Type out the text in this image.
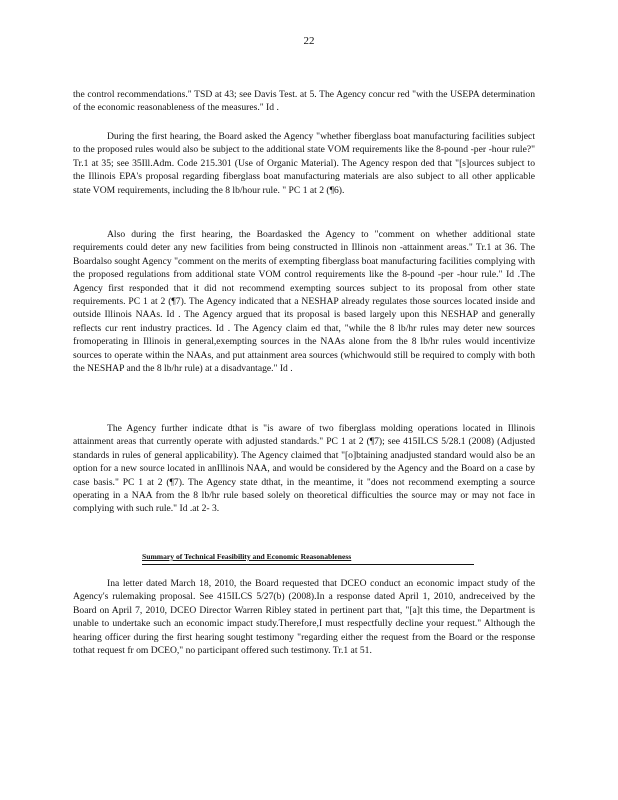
22

the control recommendations." TSD at 43; see Davis Test. at 5. The Agency concur red "with the USEPA determination of the economic reasonableness of the measures." Id .

During the first hearing, the Board asked the Agency "whether fiberglass boat manufacturing facilities subject to the proposed rules would also be subject to the additional state VOM requirements like the 8-pound -per -hour rule?" Tr.1 at 35; see 35Ill.Adm. Code 215.301 (Use of Organic Material). The Agency respon ded that "[s]ources subject to the Illinois EPA's proposal regarding fiberglass boat manufacturing materials are also subject to all other applicable state VOM requirements, including the 8 lb/hour rule. " PC 1 at 2 (¶6).

Also during the first hearing, the Boardasked the Agency to "comment on whether additional state requirements could deter any new facilities from being constructed in Illinois non -attainment areas." Tr.1 at 36. The Boardalso sought Agency "comment on the merits of exempting fiberglass boat manufacturing facilities complying with the proposed regulations from additional state VOM control requirements like the 8-pound -per -hour rule." Id .The Agency first responded that it did not recommend exempting sources subject to its proposal from other state requirements. PC 1 at 2 (¶7). The Agency indicated that a NESHAP already regulates those sources located inside and outside Illinois NAAs. Id . The Agency argued that its proposal is based largely upon this NESHAP and generally reflects cur rent industry practices. Id . The Agency claim ed that, "while the 8 lb/hr rules may deter new sources fromoperating in Illinois in general,exempting sources in the NAAs alone from the 8 lb/hr rules would incentivize sources to operate within the NAAs, and put attainment area sources (whichwould still be required to comply with both the NESHAP and the 8 lb/hr rule) at a disadvantage." Id .

The Agency further indicate dthat is "is aware of two fiberglass molding operations located in Illinois attainment areas that currently operate with adjusted standards." PC 1 at 2 (¶7); see 415ILCS 5/28.1 (2008) (Adjusted standards in rules of general applicability). The Agency claimed that "[o]btaining anadjusted standard would also be an option for a new source located in anIllinois NAA, and would be considered by the Agency and the Board on a case by case basis." PC 1 at 2 (¶7). The Agency state dthat, in the meantime, it "does not recommend exempting a source operating in a NAA from the 8 lb/hr rule based solely on theoretical difficulties the source may or may not face in complying with such rule." Id .at 2- 3.

Summary of Technical Feasibility and Economic Reasonableness

Ina letter dated March 18, 2010, the Board requested that DCEO conduct an economic impact study of the Agency's rulemaking proposal. See 415ILCS 5/27(b) (2008).In a response dated April 1, 2010, andreceived by the Board on April 7, 2010, DCEO Director Warren Ribley stated in pertinent part that, "[a]t this time, the Department is unable to undertake such an economic impact study.Therefore,I must respectfully decline your request." Although the hearing officer during the first hearing sought testimony "regarding either the request from the Board or the response tothat request fr om DCEO," no participant offered such testimony. Tr.1 at 51.
